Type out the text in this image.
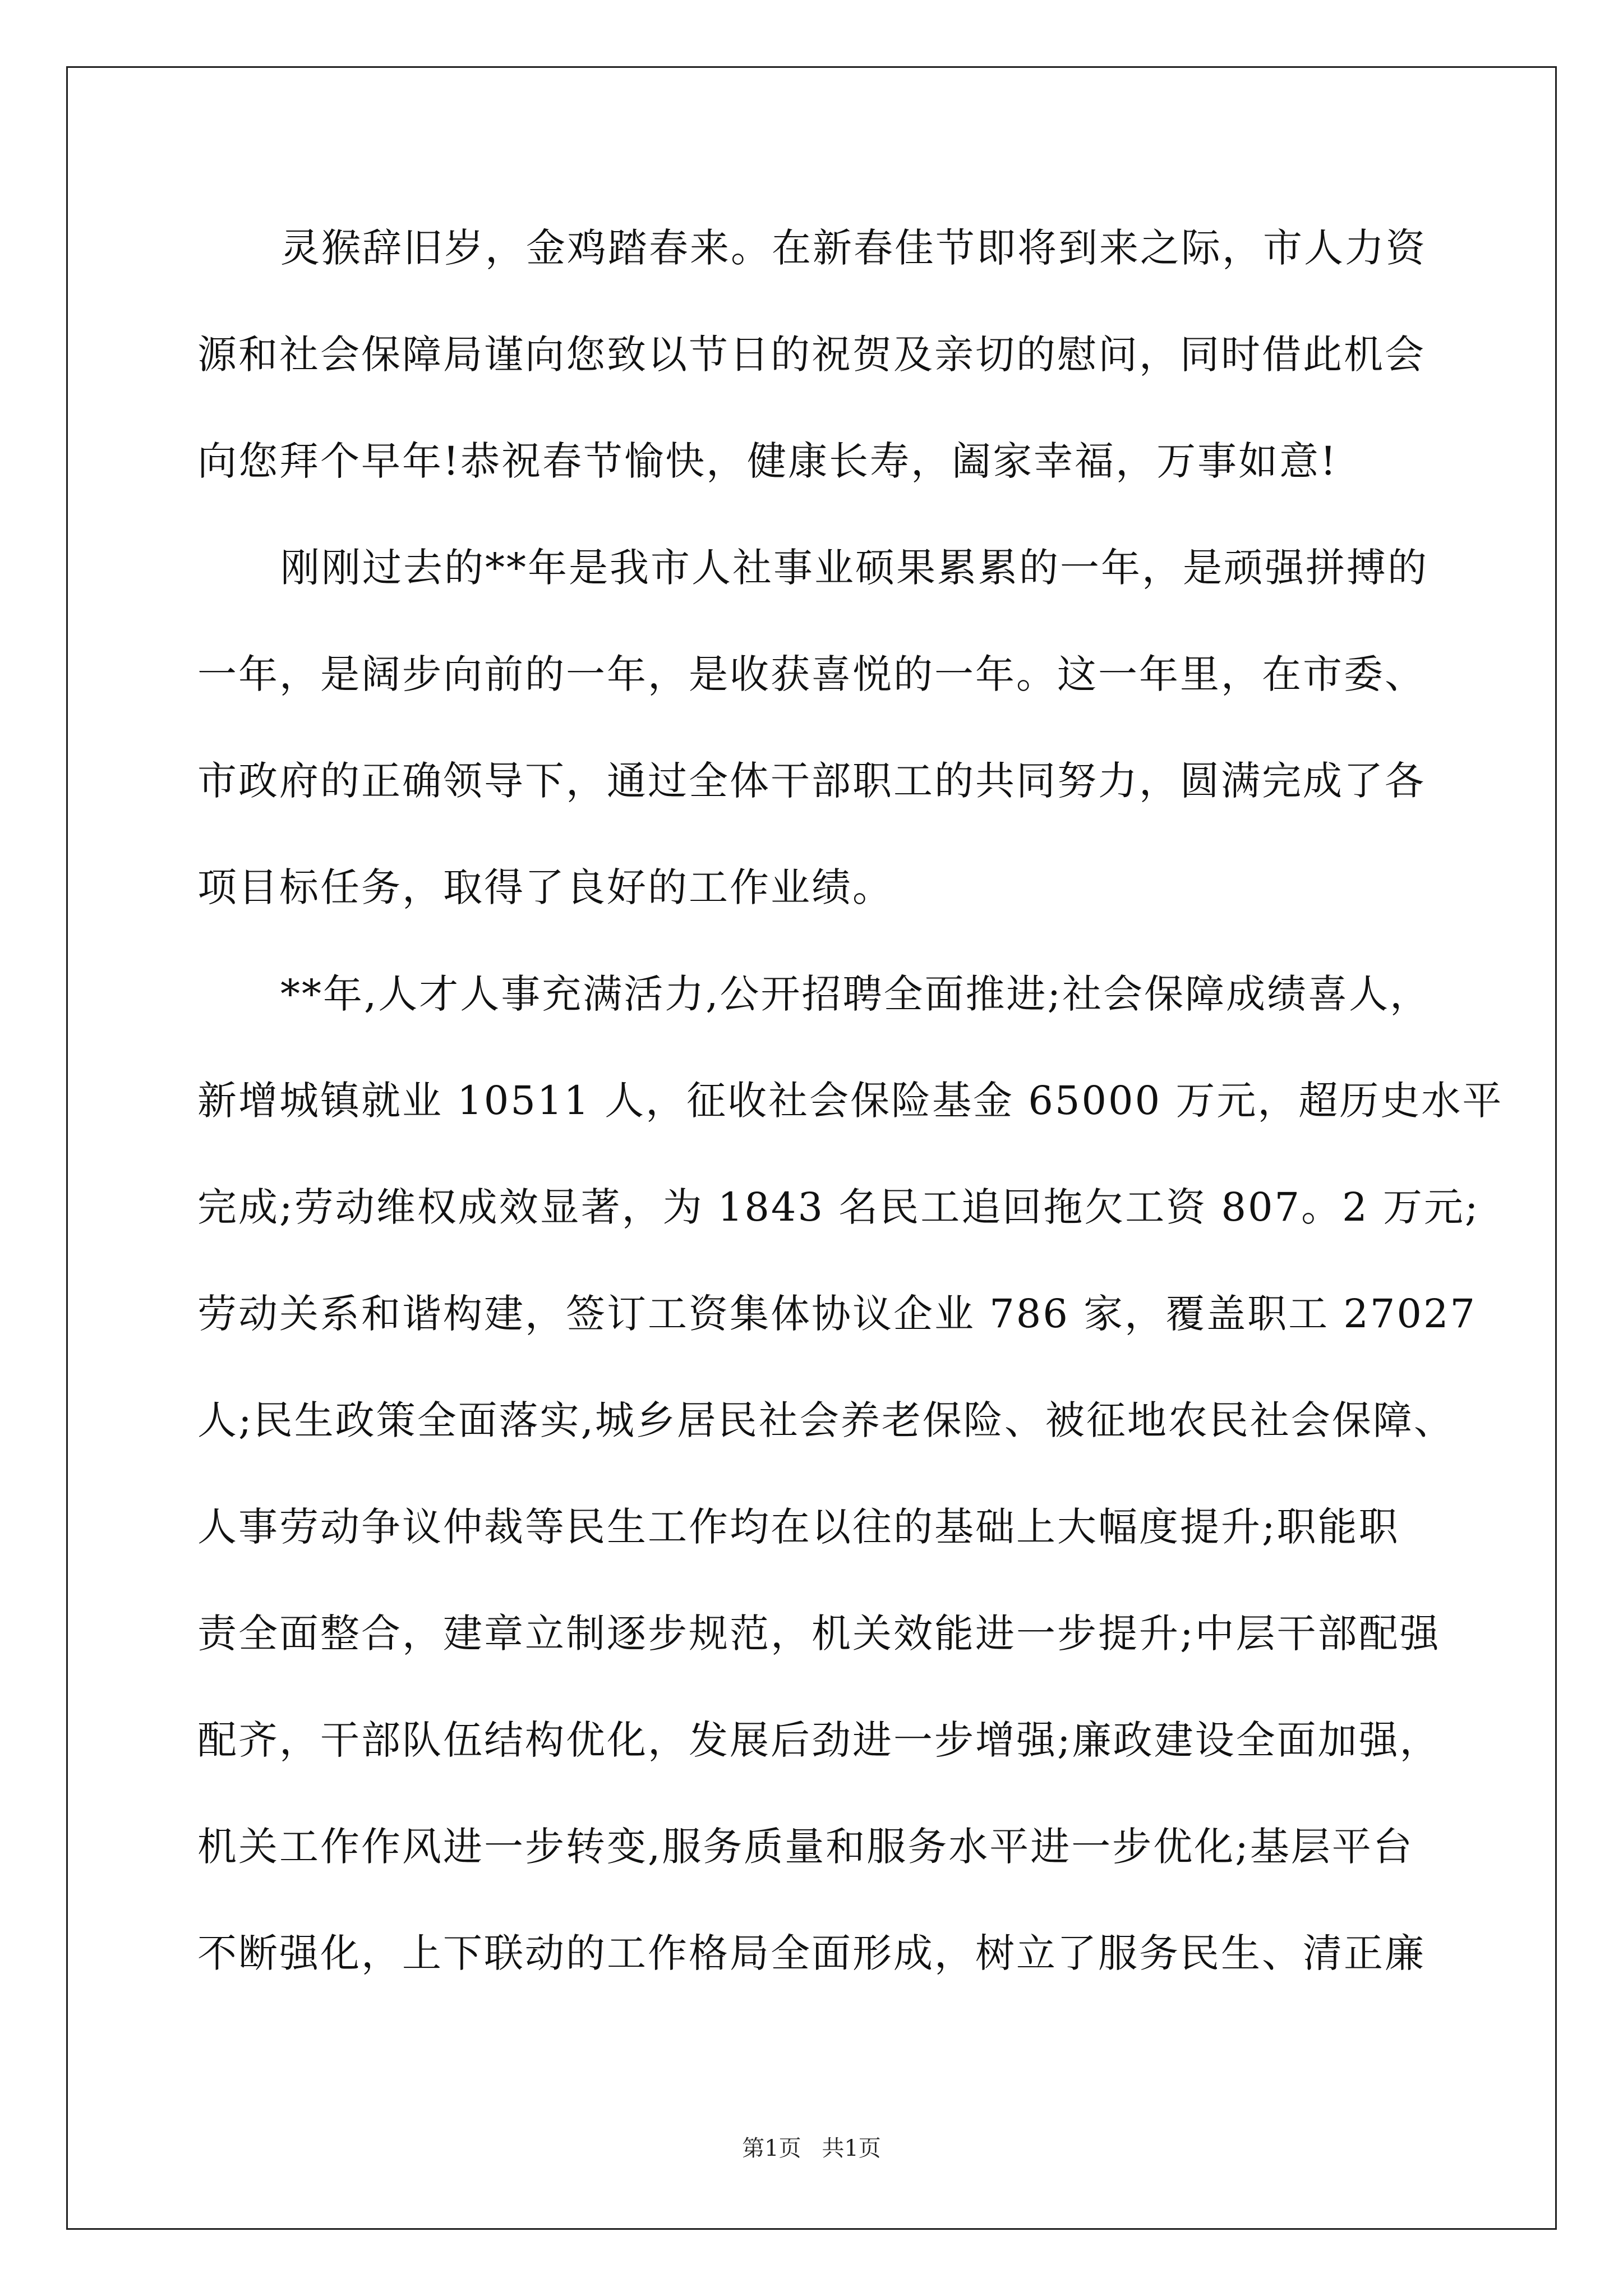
灵猴辞旧岁，金鸡踏春来。在新春佳节即将到来之际，市人力资
源和社会保障局谨向您致以节日的祝贺及亲切的慰问，同时借此机会
向您拜个早年!恭祝春节愉快，健康长寿，阖家幸福，万事如意!
刚刚过去的**年是我市人社事业硕果累累的一年，是顽强拼搏的
一年，是阔步向前的一年，是收获喜悦的一年。这一年里，在市委、
市政府的正确领导下，通过全体干部职工的共同努力，圆满完成了各
项目标任务，取得了良好的工作业绩。
**年,人才人事充满活力,公开招聘全面推进;社会保障成绩喜人，
新增城镇就业 10511 人，征收社会保险基金 65000 万元，超历史水平
完成;劳动维权成效显著，为 1843 名民工追回拖欠工资 807。2 万元;
劳动关系和谐构建，签订工资集体协议企业 786 家，覆盖职工 27027
人;民生政策全面落实,城乡居民社会养老保险、被征地农民社会保障、
人事劳动争议仲裁等民生工作均在以往的基础上大幅度提升;职能职
责全面整合，建章立制逐步规范，机关效能进一步提升;中层干部配强
配齐，干部队伍结构优化，发展后劲进一步增强;廉政建设全面加强，
机关工作作风进一步转变,服务质量和服务水平进一步优化;基层平台
不断强化，上下联动的工作格局全面形成，树立了服务民生、清正廉
第1页 共1页
